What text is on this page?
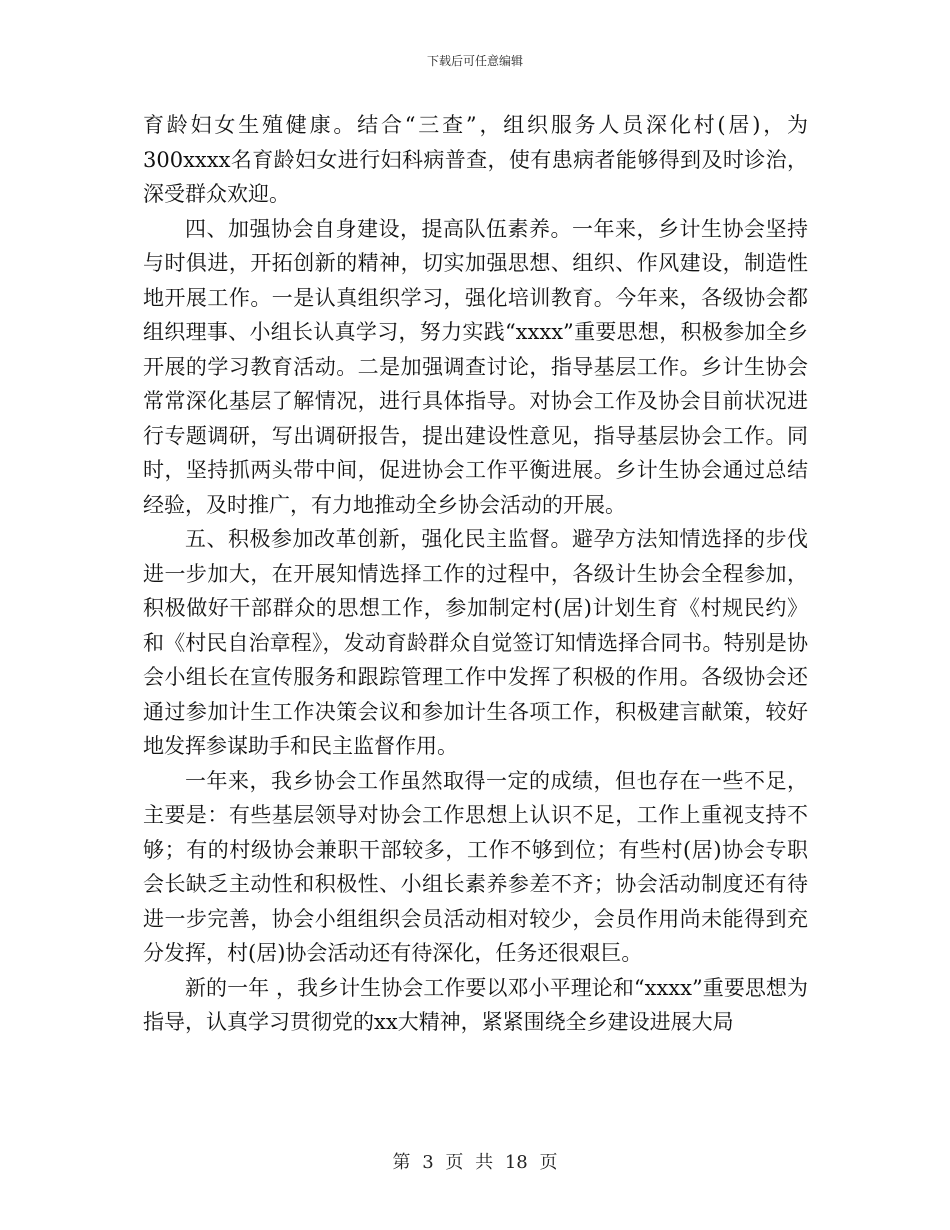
下载后可任意编辑

育龄妇女生殖健康。结合“三查”，组织服务人员深化村(居)，为300xxxx名育龄妇女进行妇科病普查，使有患病者能够得到及时诊治，深受群众欢迎。

四、加强协会自身建设，提高队伍素养。一年来，乡计生协会坚持与时俱进，开拓创新的精神，切实加强思想、组织、作风建设，制造性地开展工作。一是认真组织学习，强化培训教育。今年来，各级协会都组织理事、小组长认真学习，努力实践“xxxx”重要思想，积极参加全乡开展的学习教育活动。二是加强调查讨论，指导基层工作。乡计生协会常常深化基层了解情况，进行具体指导。对协会工作及协会目前状况进行专题调研，写出调研报告，提出建设性意见，指导基层协会工作。同时，坚持抓两头带中间，促进协会工作平衡进展。乡计生协会通过总结经验，及时推广，有力地推动全乡协会活动的开展。

五、积极参加改革创新，强化民主监督。避孕方法知情选择的步伐进一步加大，在开展知情选择工作的过程中，各级计生协会全程参加，积极做好干部群众的思想工作，参加制定村(居)计划生育《村规民约》和《村民自治章程》，发动育龄群众自觉签订知情选择合同书。特别是协会小组长在宣传服务和跟踪管理工作中发挥了积极的作用。各级协会还通过参加计生工作决策会议和参加计生各项工作，积极建言献策，较好地发挥参谋助手和民主监督作用。

一年来，我乡协会工作虽然取得一定的成绩，但也存在一些不足，主要是：有些基层领导对协会工作思想上认识不足，工作上重视支持不够；有的村级协会兼职干部较多，工作不够到位；有些村(居)协会专职会长缺乏主动性和积极性、小组长素养参差不齐；协会活动制度还有待进一步完善，协会小组组织会员活动相对较少，会员作用尚未能得到充分发挥，村(居)协会活动还有待深化，任务还很艰巨。

新的一年 ，我乡计生协会工作要以邓小平理论和“xxxx”重要思想为指导，认真学习贯彻党的xx大精神，紧紧围绕全乡建设进展大局

第 3 页 共 18 页
